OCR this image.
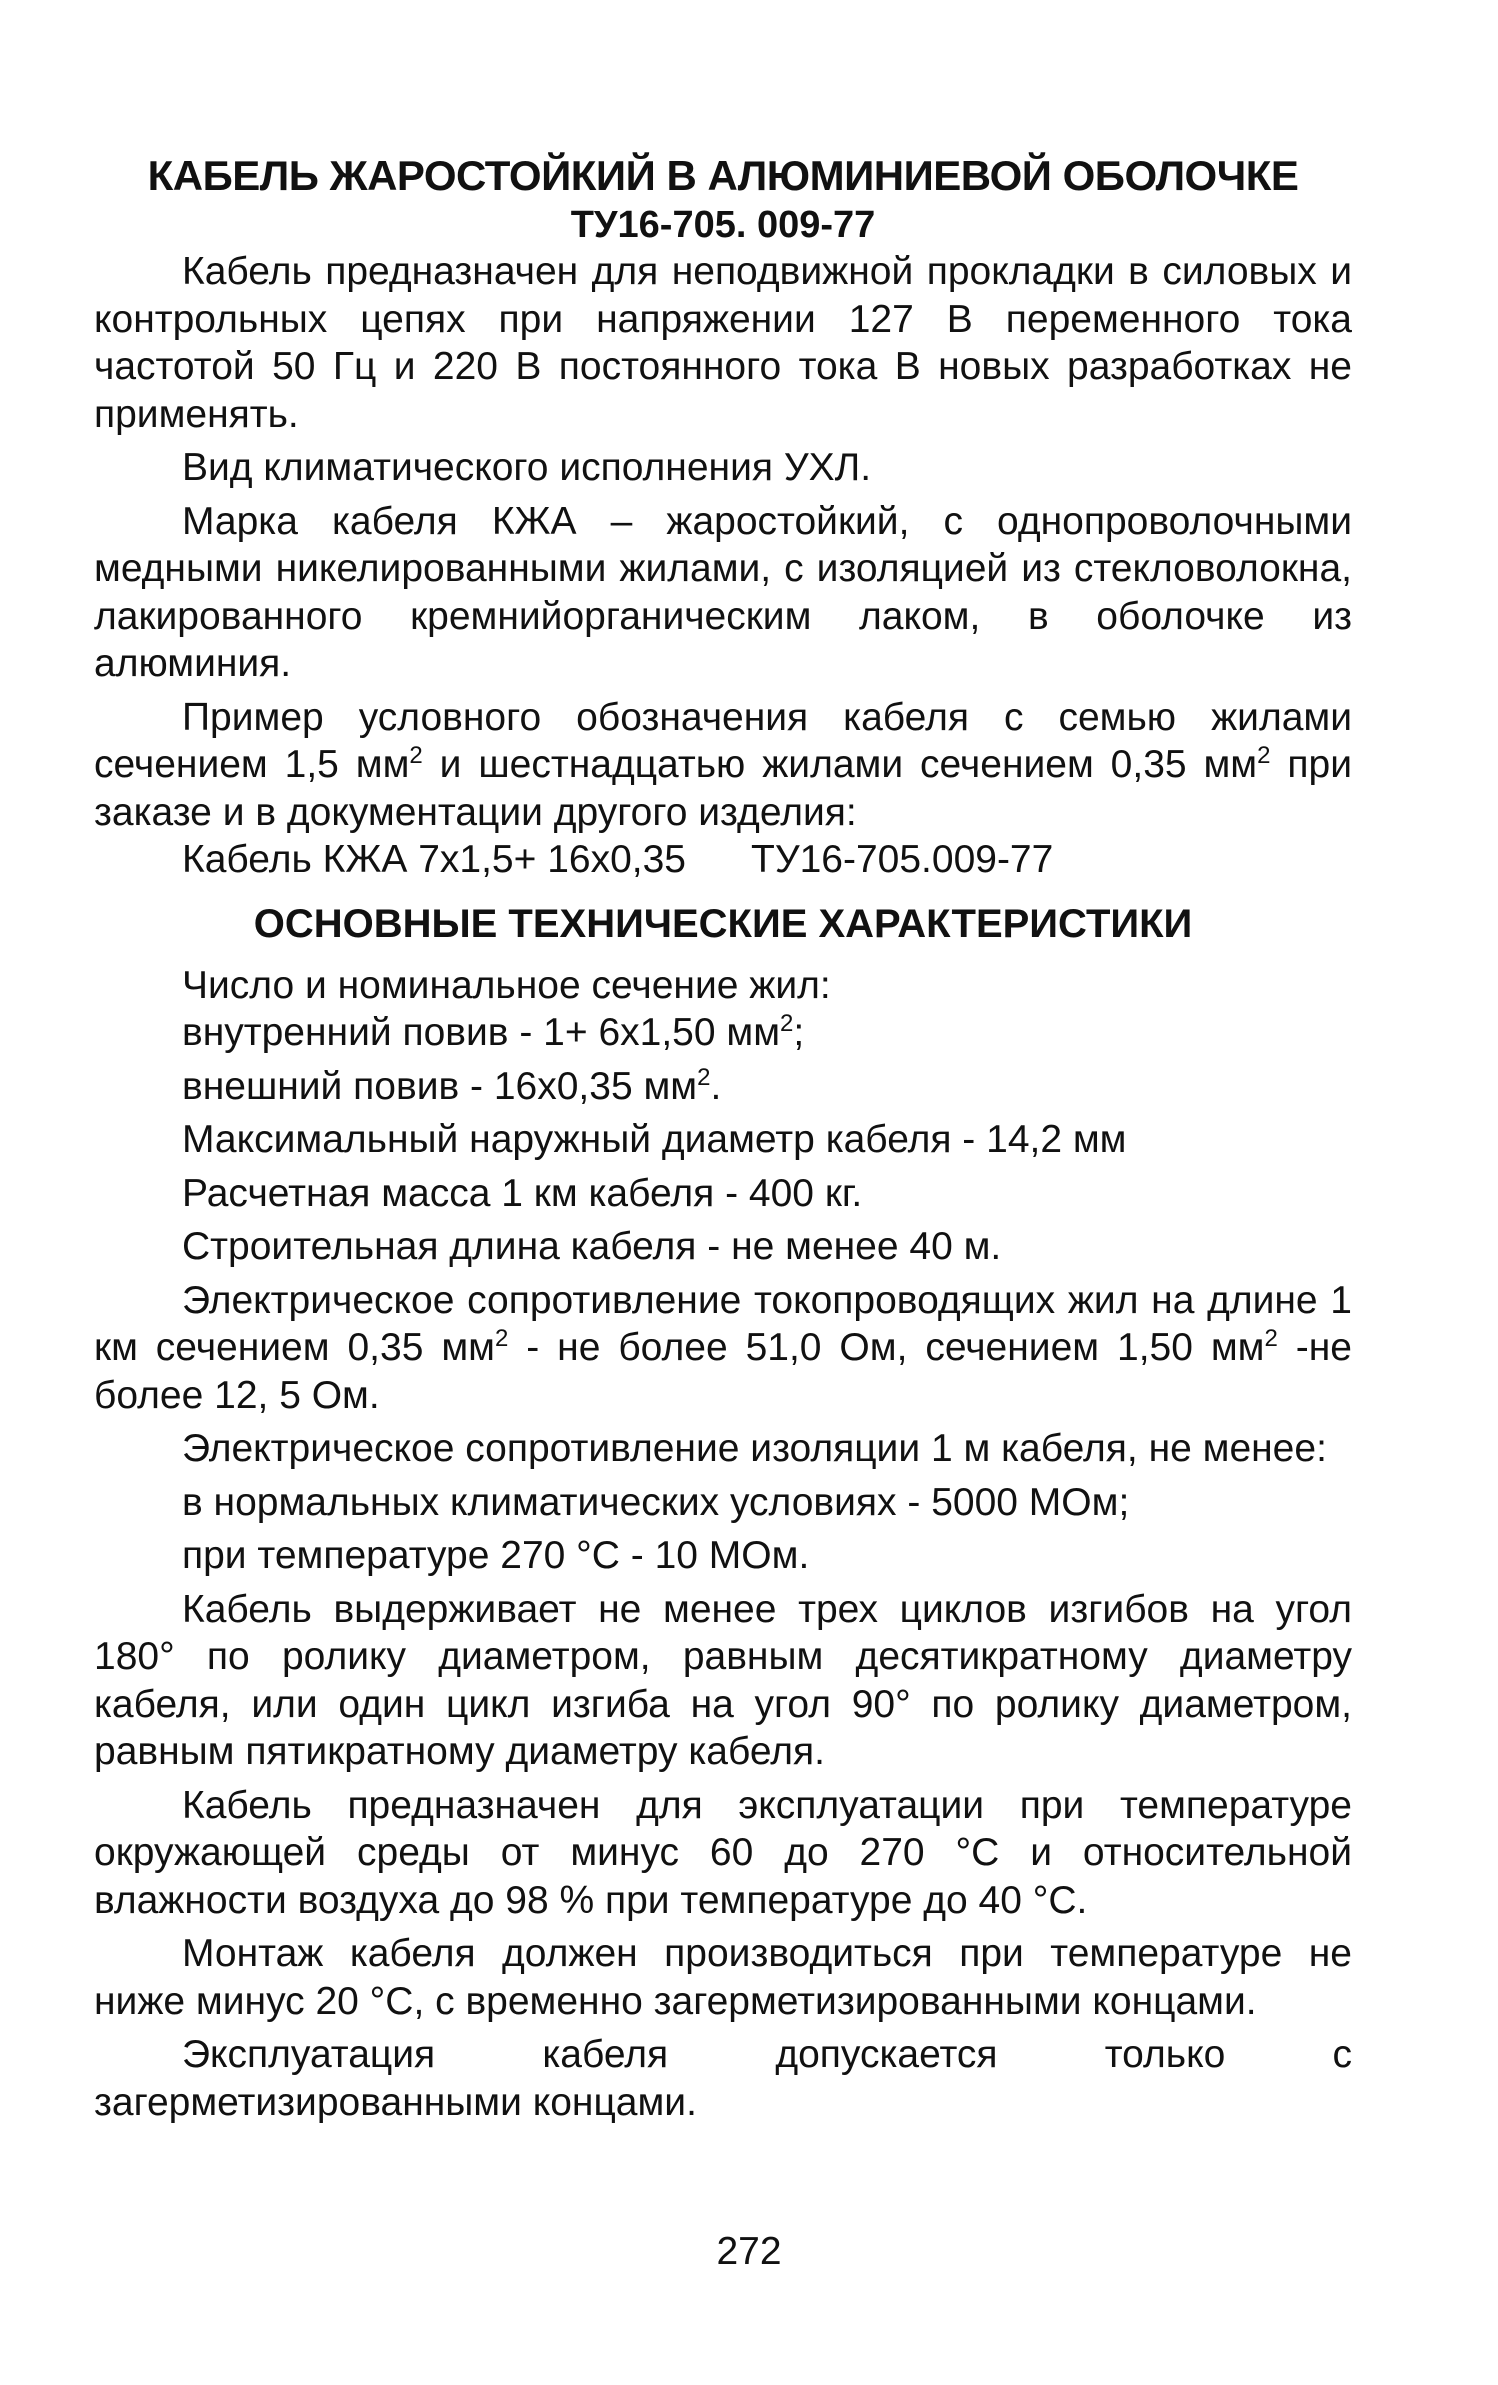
КАБЕЛЬ ЖАРОСТОЙКИЙ В АЛЮМИНИЕВОЙ ОБОЛОЧКЕ
ТУ16-705. 009-77

Кабель предназначен для неподвижной прокладки в силовых и контрольных цепях при напряжении 127 В переменного тока частотой 50 Гц и 220 В постоянного тока В новых разработках не применять.

Вид климатического исполнения УХЛ.

Марка кабеля КЖА – жаростойкий, с однопроволочными медными никелированными жилами, с изоляцией из стекловолокна, лакированного кремнийорганическим лаком, в оболочке из алюминия.

Пример условного обозначения кабеля с семью жилами сечением 1,5 $мм^2$ и шестнадцатью жилами сечением 0,35 $мм^2$ при заказе и в документации другого изделия:

Кабель КЖА 7х1,5+ 16х0,35      ТУ16-705.009-77

ОСНОВНЫЕ ТЕХНИЧЕСКИЕ ХАРАКТЕРИСТИКИ

Число и номинальное сечение жил:

внутренний повив - 1+ 6х1,50 $мм^2$;

внешний повив - 16х0,35 $мм^2$.

Максимальный наружный диаметр кабеля - 14,2 мм

Расчетная масса 1 км кабеля - 400 кг.

Строительная длина кабеля - не менее 40 м.

Электрическое сопротивление токопроводящих жил на длине 1 км сечением 0,35 $мм^2$ - не более 51,0 Ом, сечением 1,50 $мм^2$ -не более 12, 5 Ом.

Электрическое сопротивление изоляции 1 м кабеля, не менее:

в нормальных климатических условиях - 5000 МОм;

при температуре 270 °С - 10 МОм.

Кабель выдерживает не менее трех циклов изгибов на угол 180° по ролику диаметром, равным десятикратному диаметру кабеля, или один цикл изгиба на угол 90° по ролику диаметром, равным пятикратному диаметру кабеля.

Кабель предназначен для эксплуатации при температуре окружающей среды от минус 60 до 270 °С и относительной влажности воздуха до 98 % при температуре до 40 °С.

Монтаж кабеля должен производиться при температуре не ниже минус 20 °С, с временно загерметизированными концами.

Эксплуатация кабеля допускается только с загерметизированными концами.

272
